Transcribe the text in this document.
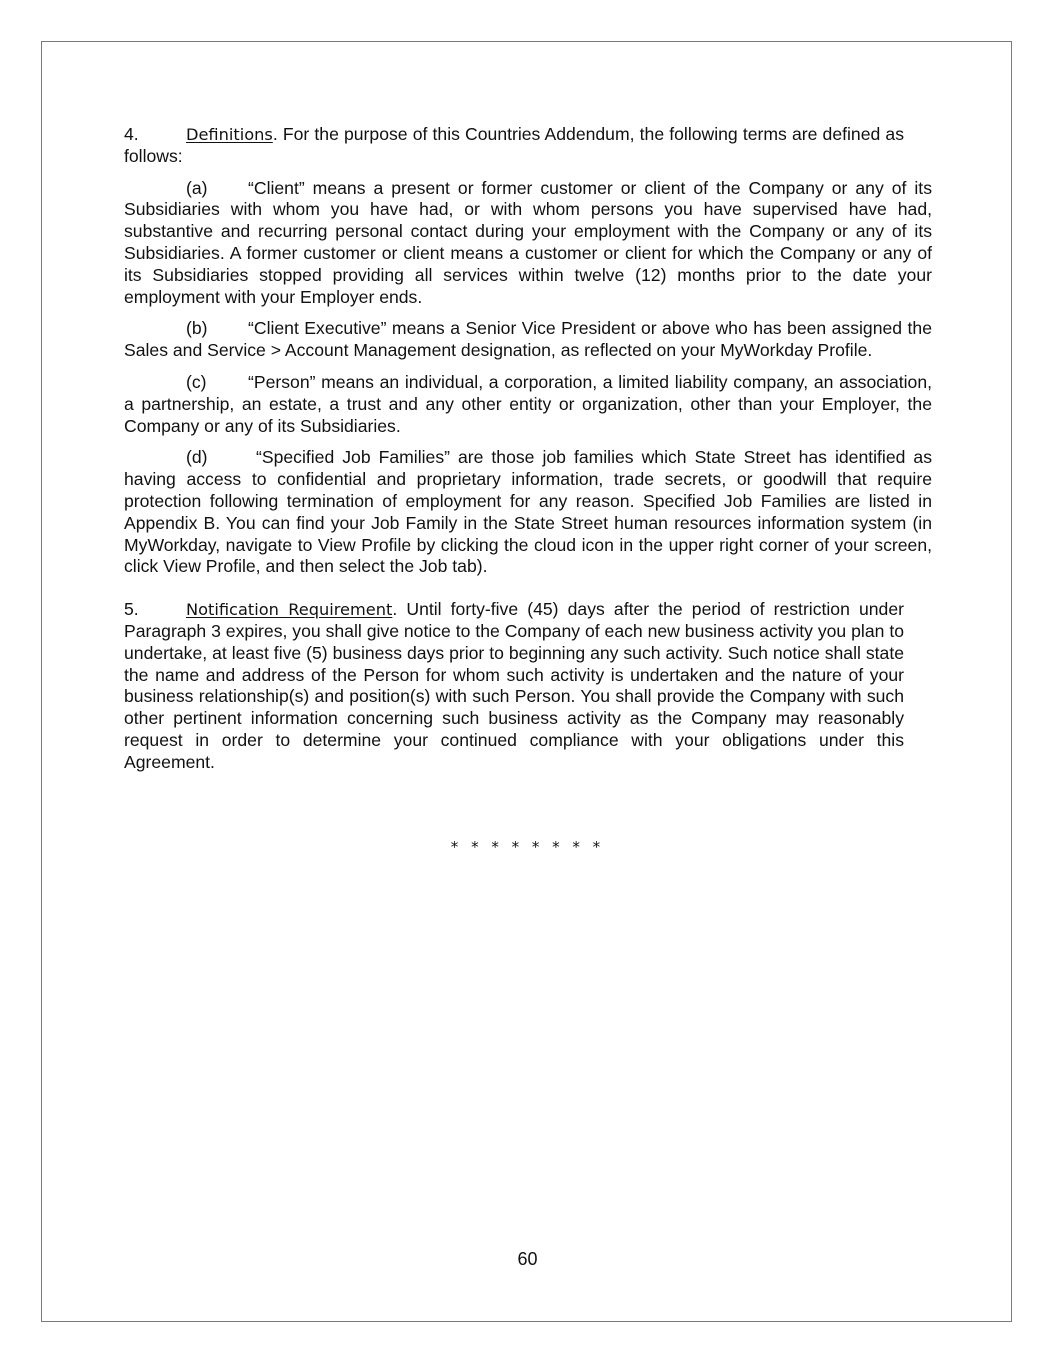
4.	Definitions. For the purpose of this Countries Addendum, the following terms are defined as follows:

(a) “Client” means a present or former customer or client of the Company or any of its Subsidiaries with whom you have had, or with whom persons you have supervised have had, substantive and recurring personal contact during your employment with the Company or any of its Subsidiaries. A former customer or client means a customer or client for which the Company or any of its Subsidiaries stopped providing all services within twelve (12) months prior to the date your employment with your Employer ends.

(b) “Client Executive” means a Senior Vice President or above who has been assigned the Sales and Service > Account Management designation, as reflected on your MyWorkday Profile.

(c) “Person” means an individual, a corporation, a limited liability company, an association, a partnership, an estate, a trust and any other entity or organization, other than your Employer, the Company or any of its Subsidiaries.

(d) “Specified Job Families” are those job families which State Street has identified as having access to confidential and proprietary information, trade secrets, or goodwill that require protection following termination of employment for any reason. Specified Job Families are listed in Appendix B. You can find your Job Family in the State Street human resources information system (in MyWorkday, navigate to View Profile by clicking the cloud icon in the upper right corner of your screen, click View Profile, and then select the Job tab).

5.	Notification Requirement. Until forty-five (45) days after the period of restriction under Paragraph 3 expires, you shall give notice to the Company of each new business activity you plan to undertake, at least five (5) business days prior to beginning any such activity. Such notice shall state the name and address of the Person for whom such activity is undertaken and the nature of your business relationship(s) and position(s) with such Person. You shall provide the Company with such other pertinent information concerning such business activity as the Company may reasonably request in order to determine your continued compliance with your obligations under this Agreement.

* * * * * * * *
60
